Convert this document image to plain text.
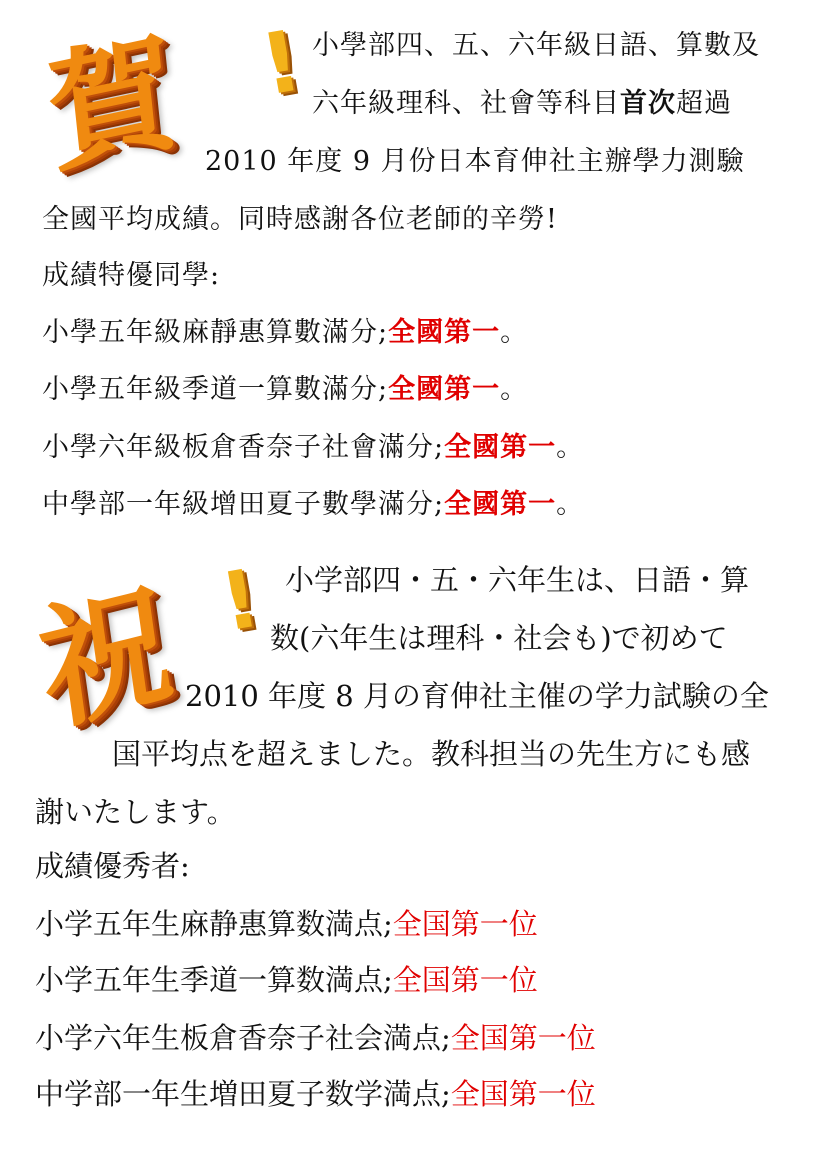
賀 ! 小學部四、五、六年級日語、算數及
六年級理科、社會等科目首次超過
2010 年度 9 月份日本育伸社主辦學力測驗
全國平均成績。同時感謝各位老師的辛勞!
成績特優同學:
小學五年級麻靜惠算數滿分;全國第一。
小學五年級季道一算數滿分;全國第一。
小學六年級板倉香奈子社會滿分;全國第一。
中學部一年級增田夏子數學滿分;全國第一。
祝 ! 小学部四・五・六年生は、日語・算
数(六年生は理科・社会も)で初めて
2010 年度 8 月の育伸社主催の学力試験の全
国平均点を超えました。教科担当の先生方にも感
謝いたします。
成績優秀者:
小学五年生麻静惠算数満点;全国第一位
小学五年生季道一算数満点;全国第一位
小学六年生板倉香奈子社会満点;全国第一位
中学部一年生増田夏子数学満点;全国第一位
